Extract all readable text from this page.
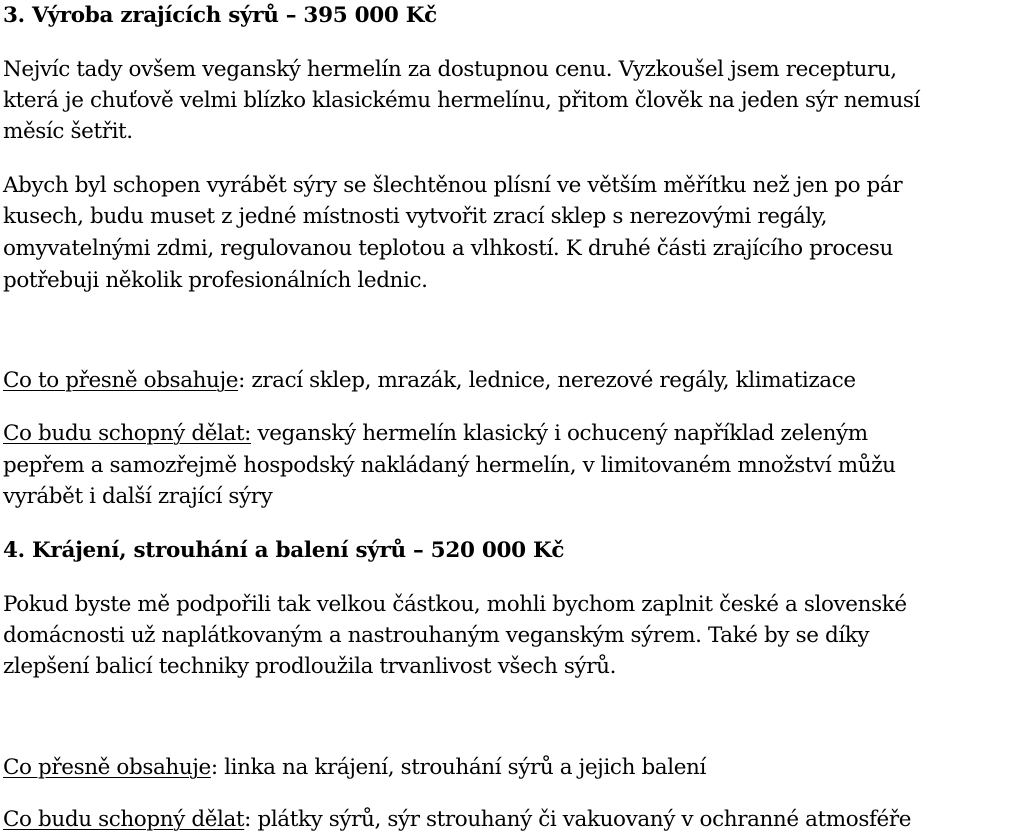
3. Výroba zrajících sýrů – 395 000 Kč
Nejvíc tady ovšem veganský hermelín za dostupnou cenu. Vyzkoušel jsem recepturu,
která je chuťově velmi blízko klasickému hermelínu, přitom člověk na jeden sýr nemusí
měsíc šetřit.
Abych byl schopen vyrábět sýry se šlechtěnou plísní ve větším měřítku než jen po pár
kusech, budu muset z jedné místnosti vytvořit zrací sklep s nerezovými regály,
omyvatelnými zdmi, regulovanou teplotou a vlhkostí. K druhé části zrajícího procesu
potřebuji několik profesionálních lednic.
Co to přesně obsahuje: zrací sklep, mrazák, lednice, nerezové regály, klimatizace
Co budu schopný dělat: veganský hermelín klasický i ochucený například zeleným
pepřem a samozřejmě hospodský nakládaný hermelín, v limitovaném množství můžu
vyrábět i další zrající sýry
4. Krájení, strouhání a balení sýrů – 520 000 Kč
Pokud byste mě podpořili tak velkou částkou, mohli bychom zaplnit české a slovenské
domácnosti už naplátkovaným a nastrouhaným veganským sýrem. Také by se díky
zlepšení balicí techniky prodloužila trvanlivost všech sýrů.
Co přesně obsahuje: linka na krájení, strouhání sýrů a jejich balení
Co budu schopný dělat: plátky sýrů, sýr strouhaný či vakuovaný v ochranné atmosféře
